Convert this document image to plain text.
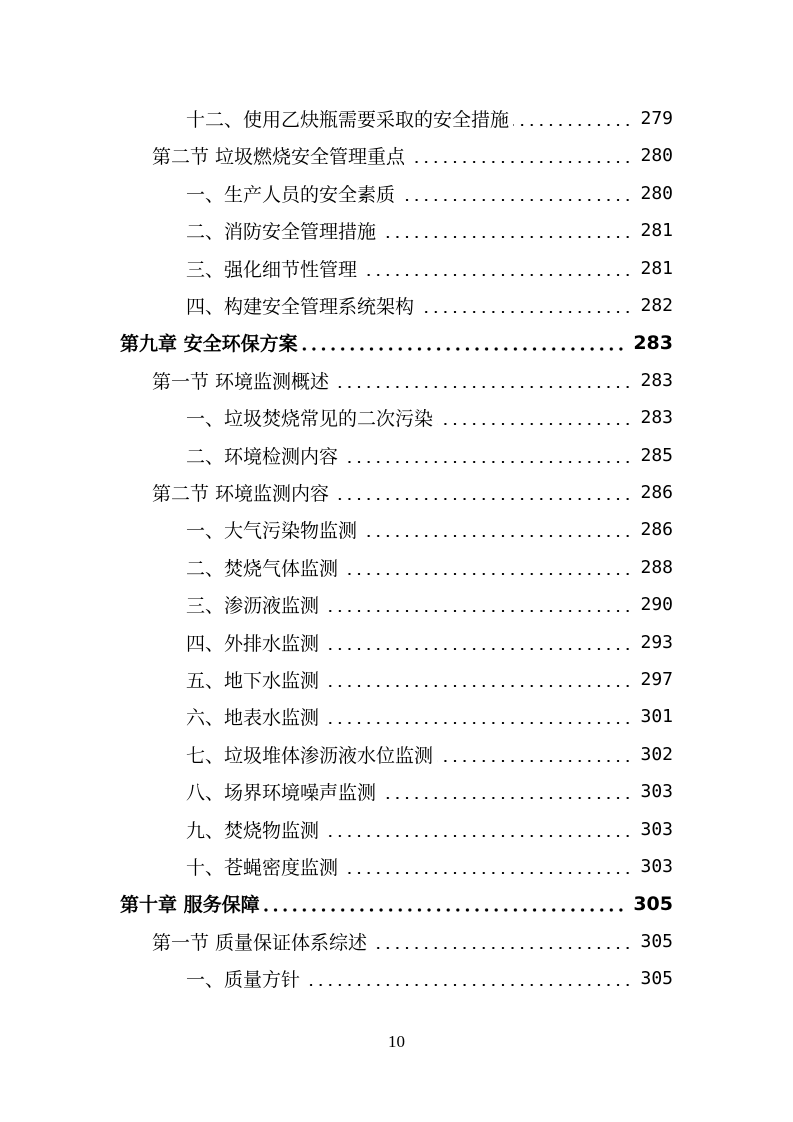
十二、使用乙炔瓶需要采取的安全措施	279
第二节 垃圾燃烧安全管理重点	280
一、生产人员的安全素质	280
二、消防安全管理措施	281
三、强化细节性管理	281
四、构建安全管理系统架构	282
第九章 安全环保方案	283
第一节 环境监测概述	283
一、垃圾焚烧常见的二次污染	283
二、环境检测内容	285
第二节 环境监测内容	286
一、大气污染物监测	286
二、焚烧气体监测	288
三、渗沥液监测	290
四、外排水监测	293
五、地下水监测	297
六、地表水监测	301
七、垃圾堆体渗沥液水位监测	302
八、场界环境噪声监测	303
九、焚烧物监测	303
十、苍蝇密度监测	303
第十章 服务保障	305
第一节 质量保证体系综述	305
一、质量方针	305
10
